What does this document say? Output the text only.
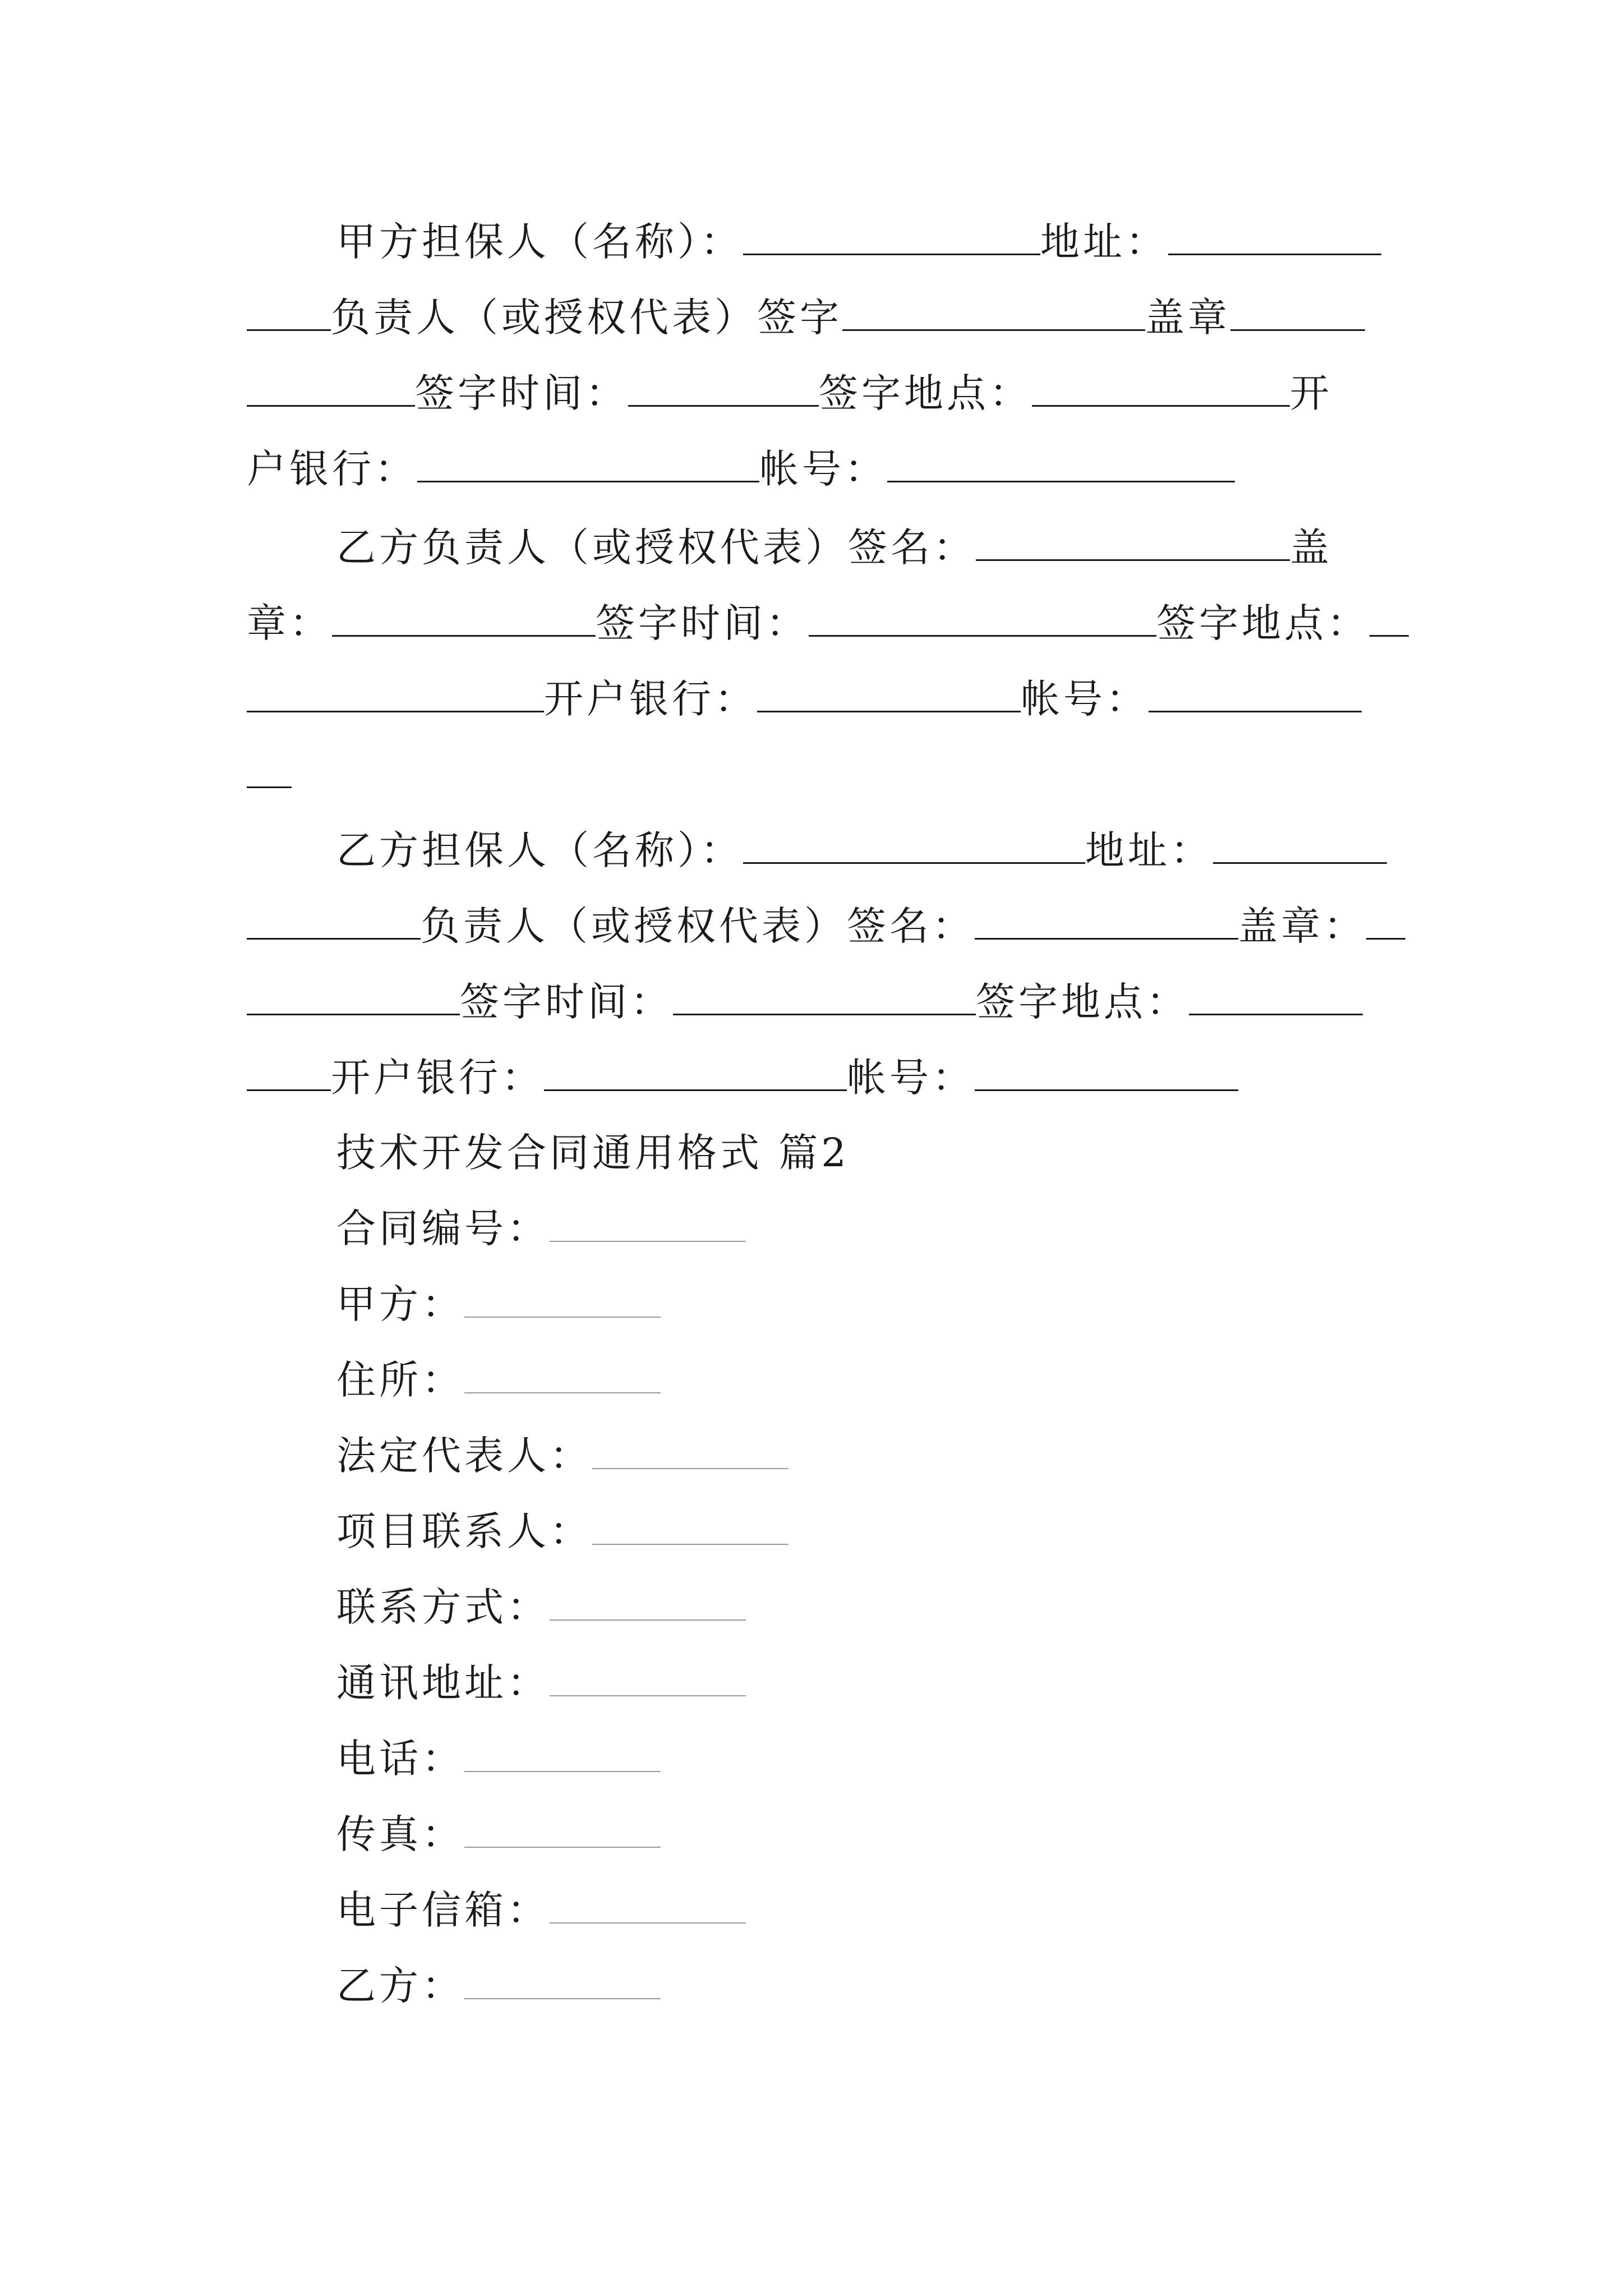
甲方担保人（名称）：	地址：
负责人（或授权代表）签字	盖章
签字时间：	签字地点：	开
户银行：	帐号：
乙方负责人（或授权代表）签名：	盖
章：	签字时间：	签字地点：
开户银行：	帐号：
乙方担保人（名称）：	地址：
负责人（或授权代表）签名：	盖章：
签字时间：	签字地点：
开户银行：	帐号：
技术开发合同通用格式 篇2
合同编号：
甲方：
住所：
法定代表人：
项目联系人：
联系方式：
通讯地址：
电话：
传真：
电子信箱：
乙方：
